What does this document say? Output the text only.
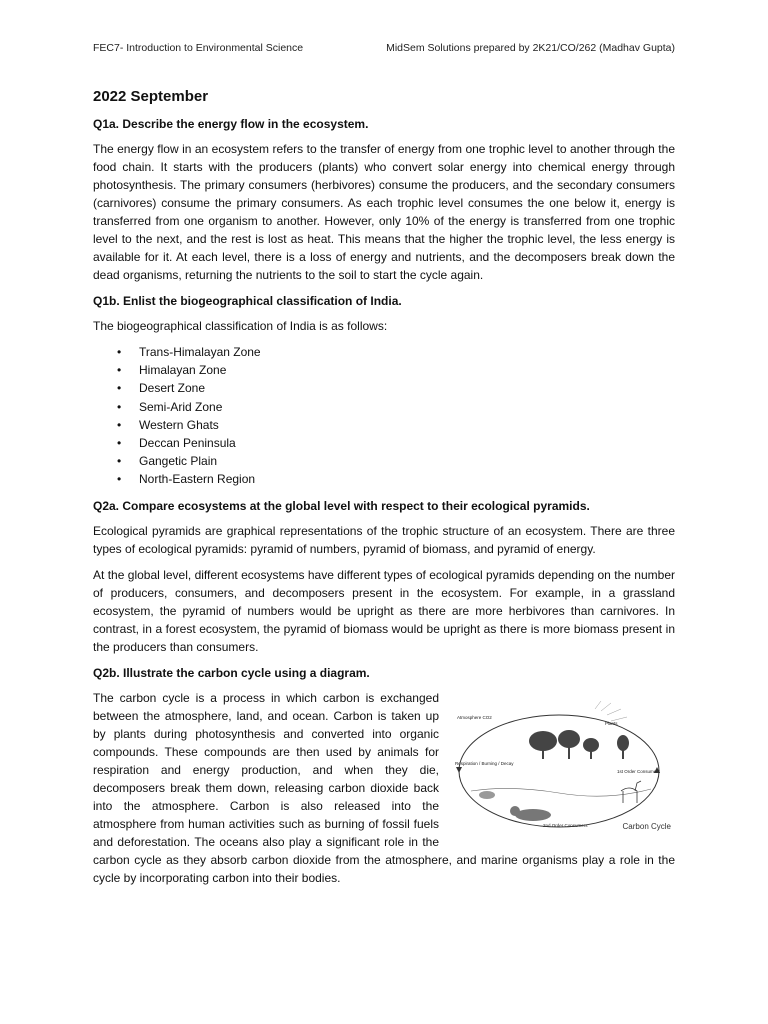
FEC7- Introduction to Environmental Science	MidSem Solutions prepared by 2K21/CO/262 (Madhav Gupta)
2022 September
Q1a. Describe the energy flow in the ecosystem.

The energy flow in an ecosystem refers to the transfer of energy from one trophic level to another through the food chain. It starts with the producers (plants) who convert solar energy into chemical energy through photosynthesis. The primary consumers (herbivores) consume the producers, and the secondary consumers (carnivores) consume the primary consumers. As each trophic level consumes the one below it, energy is transferred from one organism to another. However, only 10% of the energy is transferred from one trophic level to the next, and the rest is lost as heat. This means that the higher the trophic level, the less energy is available for it. At each level, there is a loss of energy and nutrients, and the decomposers break down the dead organisms, returning the nutrients to the soil to start the cycle again.

Q1b. Enlist the biogeographical classification of India.

The biogeographical classification of India is as follows:

• Trans-Himalayan Zone
• Himalayan Zone
• Desert Zone
• Semi-Arid Zone
• Western Ghats
• Deccan Peninsula
• Gangetic Plain
• North-Eastern Region
Q2a. Compare ecosystems at the global level with respect to their ecological pyramids.

Ecological pyramids are graphical representations of the trophic structure of an ecosystem. There are three types of ecological pyramids: pyramid of numbers, pyramid of biomass, and pyramid of energy.

At the global level, different ecosystems have different types of ecological pyramids depending on the number of producers, consumers, and decomposers present in the ecosystem. For example, in a grassland ecosystem, the pyramid of numbers would be upright as there are more herbivores than carnivores. In contrast, in a forest ecosystem, the pyramid of biomass would be upright as there is more biomass present in the producers than consumers.

Q2b. Illustrate the carbon cycle using a diagram.
Atmosphere CO2
Plants
1st Order Consumers
Respiration / Burning / Decay
2nd Order Consumers	Carbon Cycle

The carbon cycle is a process in which carbon is exchanged between the atmosphere, land, and ocean. Carbon is taken up by plants during photosynthesis and converted into organic compounds. These compounds are then used by animals for respiration and energy production, and when they die, decomposers break them down, releasing carbon dioxide back into the atmosphere. Carbon is also released into the atmosphere from human activities such as burning of fossil fuels and deforestation. The oceans also play a significant role in the carbon cycle as they absorb carbon dioxide from the atmosphere, and marine organisms play a role in the cycle by incorporating carbon into their bodies.
